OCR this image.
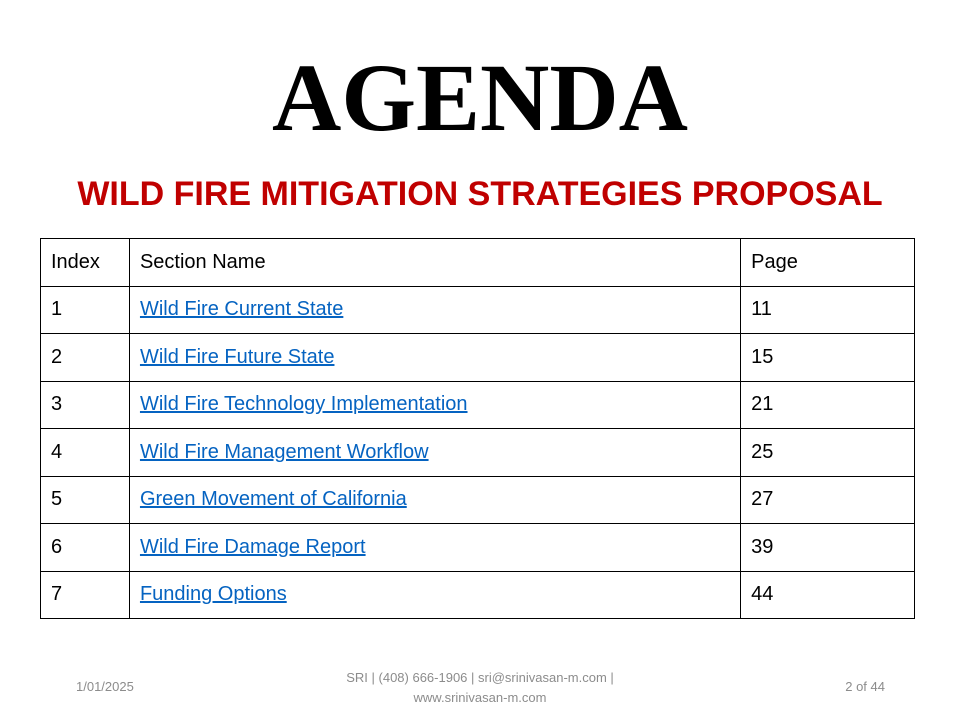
AGENDA
WILD FIRE MITIGATION STRATEGIES PROPOSAL
Index	Section Name	Page
1	Wild Fire Current State	11
2	Wild Fire Future State	15
3	Wild Fire Technology Implementation	21
4	Wild Fire Management Workflow	25
5	Green Movement of California	27
6	Wild Fire Damage Report	39
7	Funding Options	44
1/01/2025
SRI | (408) 666-1906 | sri@srinivasan-m.com |
www.srinivasan-m.com
2 of 44
